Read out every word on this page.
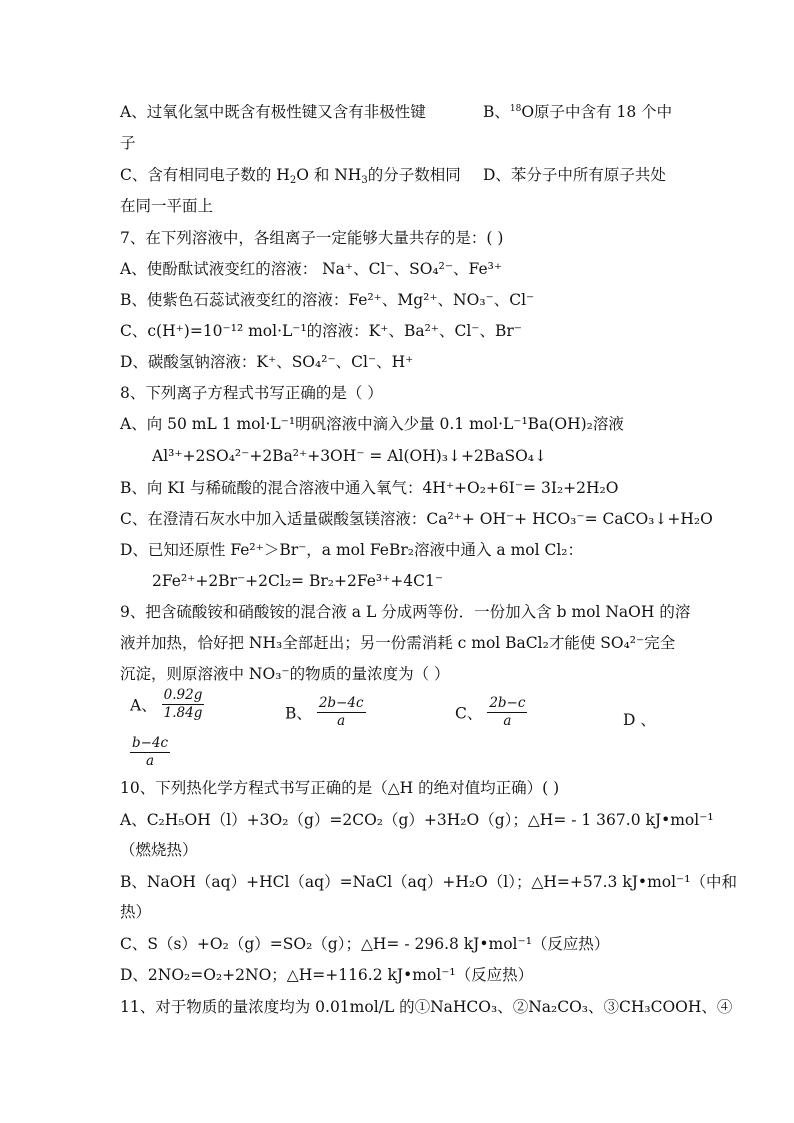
A、过氧化氢中既含有极性键又含有非极性键	B、$^{18}$O原子中含有 18 个中
子
C、含有相同电子数的 $H_2O$ 和 $NH_3$的分子数相同 D、苯分子中所有原子共处
在同一平面上
7、在下列溶液中，各组离子一定能够大量共存的是：( )
A、使酚酞试液变红的溶液： Na⁺、Cl⁻、SO₄²⁻、Fe³⁺
B、使紫色石蕊试液变红的溶液：Fe²⁺、Mg²⁺、NO₃⁻、Cl⁻
C、c(H⁺)=10⁻¹² mol·L⁻¹的溶液：K⁺、Ba²⁺、Cl⁻、Br⁻
D、碳酸氢钠溶液：K⁺、SO₄²⁻、Cl⁻、H⁺
8、下列离子方程式书写正确的是（ ）
A、向 50 mL 1 mol·L⁻¹明矾溶液中滴入少量 0.1 mol·L⁻¹Ba(OH)₂溶液
Al³⁺+2SO₄²⁻+2Ba²⁺+3OH⁻ = Al(OH)₃↓+2BaSO₄↓
B、向 KI 与稀硫酸的混合溶液中通入氧气：4H⁺+O₂+6I⁻= 3I₂+2H₂O
C、在澄清石灰水中加入适量碳酸氢镁溶液：Ca²⁺+ OH⁻+ HCO₃⁻= CaCO₃↓+H₂O
D、已知还原性 Fe²⁺＞Br⁻，a mol FeBr₂溶液中通入 a mol Cl₂：
2Fe²⁺+2Br⁻+2Cl₂= Br₂+2Fe³⁺+4C1⁻
9、把含硫酸铵和硝酸铵的混合液 a L 分成两等份．一份加入含 b mol NaOH 的溶
液并加热，恰好把 NH₃全部赶出；另一份需消耗 c mol BaCl₂才能使 SO₄²⁻完全
沉淀，则原溶液中 NO₃⁻的物质的量浓度为（ ）
A、 $\frac{0.92g}{1.84g}$	B、 $\frac{2b-4c}{a}$	C、 $\frac{2b-c}{a}$	D 、
$\frac{b-4c}{a}$
10、下列热化学方程式书写正确的是（△H 的绝对值均正确）( )
A、C₂H₅OH（l）+3O₂（g）=2CO₂（g）+3H₂O（g）；△H= - 1 367.0 kJ•mol⁻¹
（燃烧热）
B、NaOH（aq）+HCl（aq）=NaCl（aq）+H₂O（l）；△H=+57.3 kJ•mol⁻¹（中和
热）
C、S（s）+O₂（g）=SO₂（g）；△H= - 296.8 kJ•mol⁻¹（反应热）
D、2NO₂=O₂+2NO；△H=+116.2 kJ•mol⁻¹（反应热）
11、对于物质的量浓度均为 0.01mol/L 的①NaHCO₃、②Na₂CO₃、③CH₃COOH、④
